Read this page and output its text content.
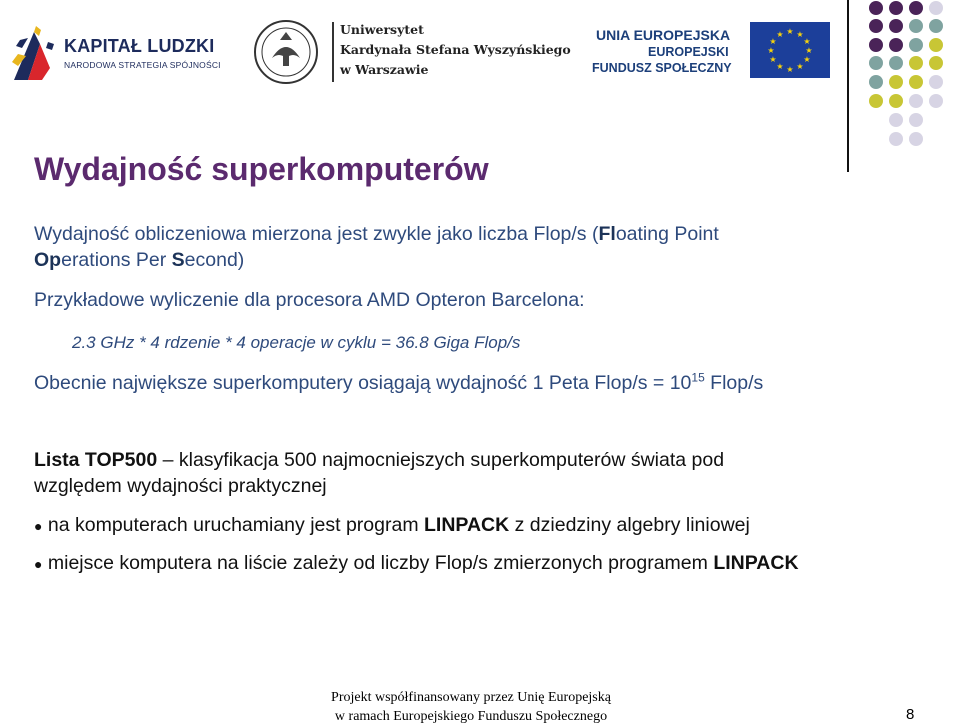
KAPITAŁ LUDZKI
NARODOWA STRATEGIA SPÓJNOŚCI
Uniwersytet
Kardynała Stefana Wyszyńskiego
w Warszawie
UNIA EUROPEJSKA
EUROPEJSKI
FUNDUSZ SPOŁECZNY
★ ★
★
★
★
★
★
★
★
★
★
★
Wydajność superkomputerów
Wydajność obliczeniowa mierzona jest zwykle jako liczba Flop/s (Floating Point
Operations Per Second)
Przykładowe wyliczenie dla procesora AMD Opteron Barcelona:
2.3 GHz * 4 rdzenie * 4 operacje w cyklu = 36.8 Giga Flop/s
Obecnie największe superkomputery osiągają wydajność 1 Peta Flop/s = $10^{15}$ Flop/s
Lista TOP500 – klasyfikacja 500 najmocniejszych superkomputerów świata pod
względem wydajności praktycznej
● na komputerach uruchamiany jest program LINPACK z dziedziny algebry liniowej
● miejsce komputera na liście zależy od liczby Flop/s zmierzonych programem LINPACK
Projekt współfinansowany przez Unię Europejską
w ramach Europejskiego Funduszu Społecznego	8
